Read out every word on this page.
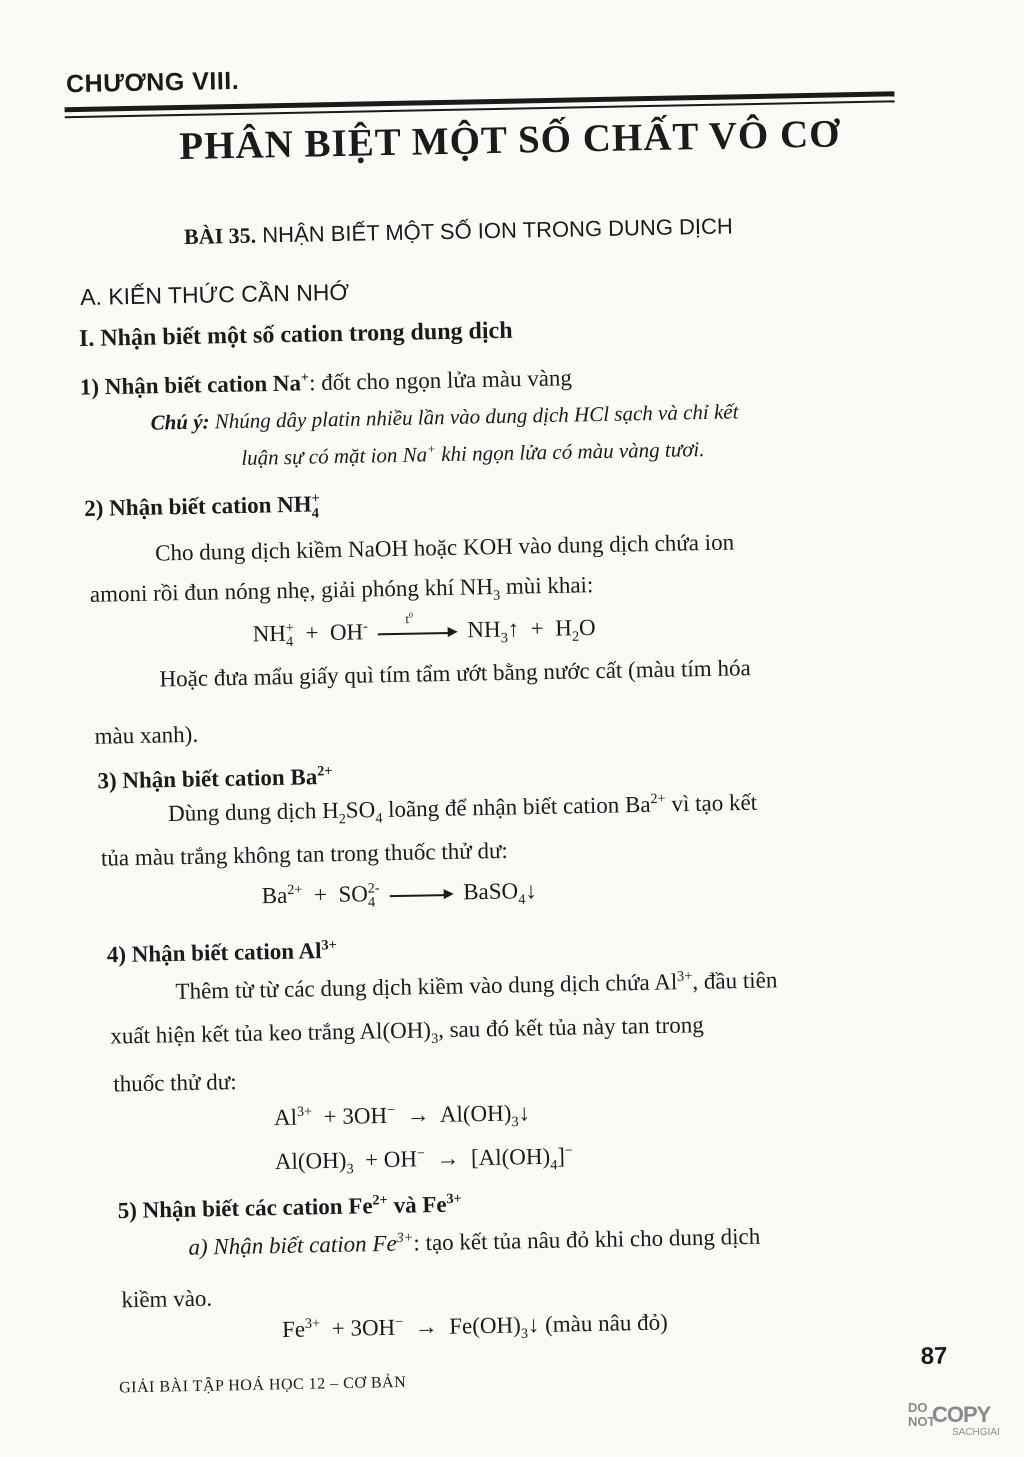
CHƯƠNG VIII.
PHÂN BIỆT MỘT SỐ CHẤT VÔ CƠ
BÀI 35. NHẬN BIẾT MỘT SỐ ION TRONG DUNG DỊCH
A. KIẾN THỨC CẦN NHỚ
I. Nhận biết một số cation trong dung dịch
1) Nhận biết cation Na+: đốt cho ngọn lửa màu vàng
Chú ý: Nhúng dây platin nhiều lần vào dung dịch HCl sạch và chỉ kết
luận sự có mặt ion Na+ khi ngọn lửa có màu vàng tươi.
2) Nhận biết cation NH +
4
Cho dung dịch kiềm NaOH hoặc KOH vào dung dịch chứa ion
amoni rồi đun nóng nhẹ, giải phóng khí $NH_3$ mùi khai:
NH +
4 + OH-	$t^0$
$NH_3↑ + H_2O$
Hoặc đưa mẩu giấy quì tím tẩm ướt bằng nước cất (màu tím hóa
màu xanh).
3) Nhận biết cation $Ba^{2+}$
Dùng dung dịch $H_2SO_4$ loãng để nhận biết cation $Ba^{2+}$ vì tạo kết
tủa màu trắng không tan trong thuốc thử dư:
$Ba^{2+}$ + SO 2-
4
	BaSO$_4$↓
4) Nhận biết cation $Al^{3+}$
Thêm từ từ các dung dịch kiềm vào dung dịch chứa $Al^{3+}$, đầu tiên
xuất hiện kết tủa keo trắng $Al(OH)_3$, sau đó kết tủa này tan trong
thuốc thử dư:
$Al^{3+} + 3OH^-$ → $Al(OH)_3↓$
$Al(OH)_3 + OH^- \to [Al(OH)_4]^-$
5) Nhận biết các cation $Fe^{2+}$ và $Fe^{3+}$
a) Nhận biết cation $Fe^{3+}$: tạo kết tủa nâu đỏ khi cho dung dịch
kiềm vào.
$Fe^{3+} + 3OH^-$ → $Fe(OH)_3↓$ (màu nâu đỏ)
GIẢI BÀI TẬP HOÁ HỌC 12 – CƠ BẢN
87
DO
NOT
COPY
SACHGIAI
